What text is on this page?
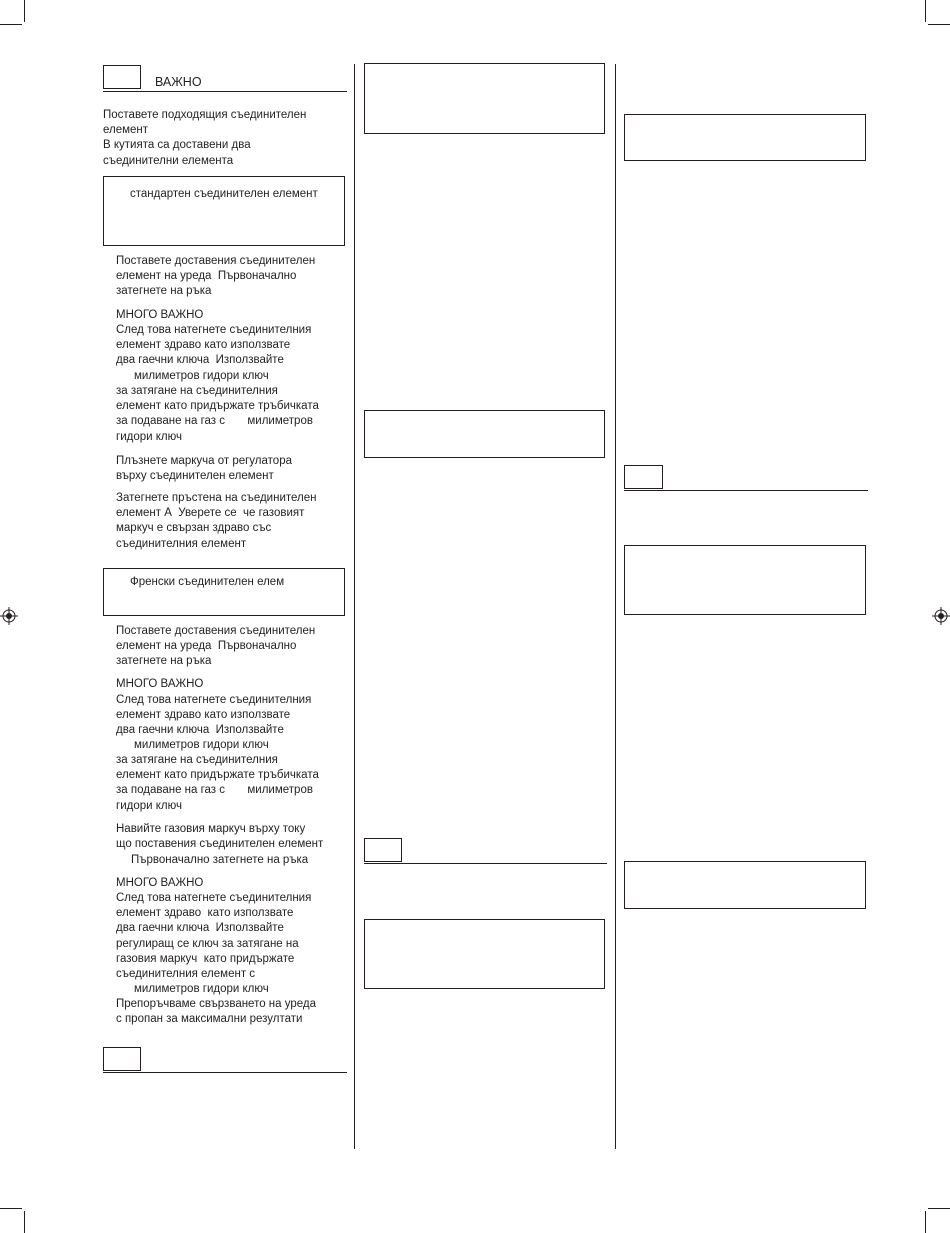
ВАЖНО
Поставете подходящия съединителен
елемент
В кутията са доставени два
съединителни елемента
стандартен съединителен елемент
Поставете доставения съединителен
елемент на уреда  Първоначално
затегнете на ръка
МНОГО ВАЖНО
След това натегнете съединителния
елемент здраво като използвате
два гаечни ключа  Използвайте
милиметров гидори ключ
за затягане на съединителния
елемент като придържате тръбичката
за подаване на газ с       милиметров
гидори ключ
Плъзнете маркуча от регулатора
върху съединителен елемент
Затегнете пръстена на съединителен
елемент А  Уверете се  че газовият
маркуч е свързан здраво със
съединителния елемент
Френски съединителен елем
Поставете доставения съединителен
елемент на уреда  Първоначално
затегнете на ръка
МНОГО ВАЖНО
След това натегнете съединителния
елемент здраво като използвате
два гаечни ключа  Използвайте
милиметров гидори ключ
за затягане на съединителния
елемент като придържате тръбичката
за подаване на газ с       милиметров
гидори ключ
Навийте газовия маркуч върху току
що поставения съединителен елемент
Първоначално затегнете на ръка
МНОГО ВАЖНО
След това натегнете съединителния
елемент здраво  като използвате
два гаечни ключа  Използвайте
регулиращ се ключ за затягане на
газовия маркуч  като придържате
съединителния елемент с
милиметров гидори ключ
Препоръчваме свързването на уреда
с пропан за максимални резултати
